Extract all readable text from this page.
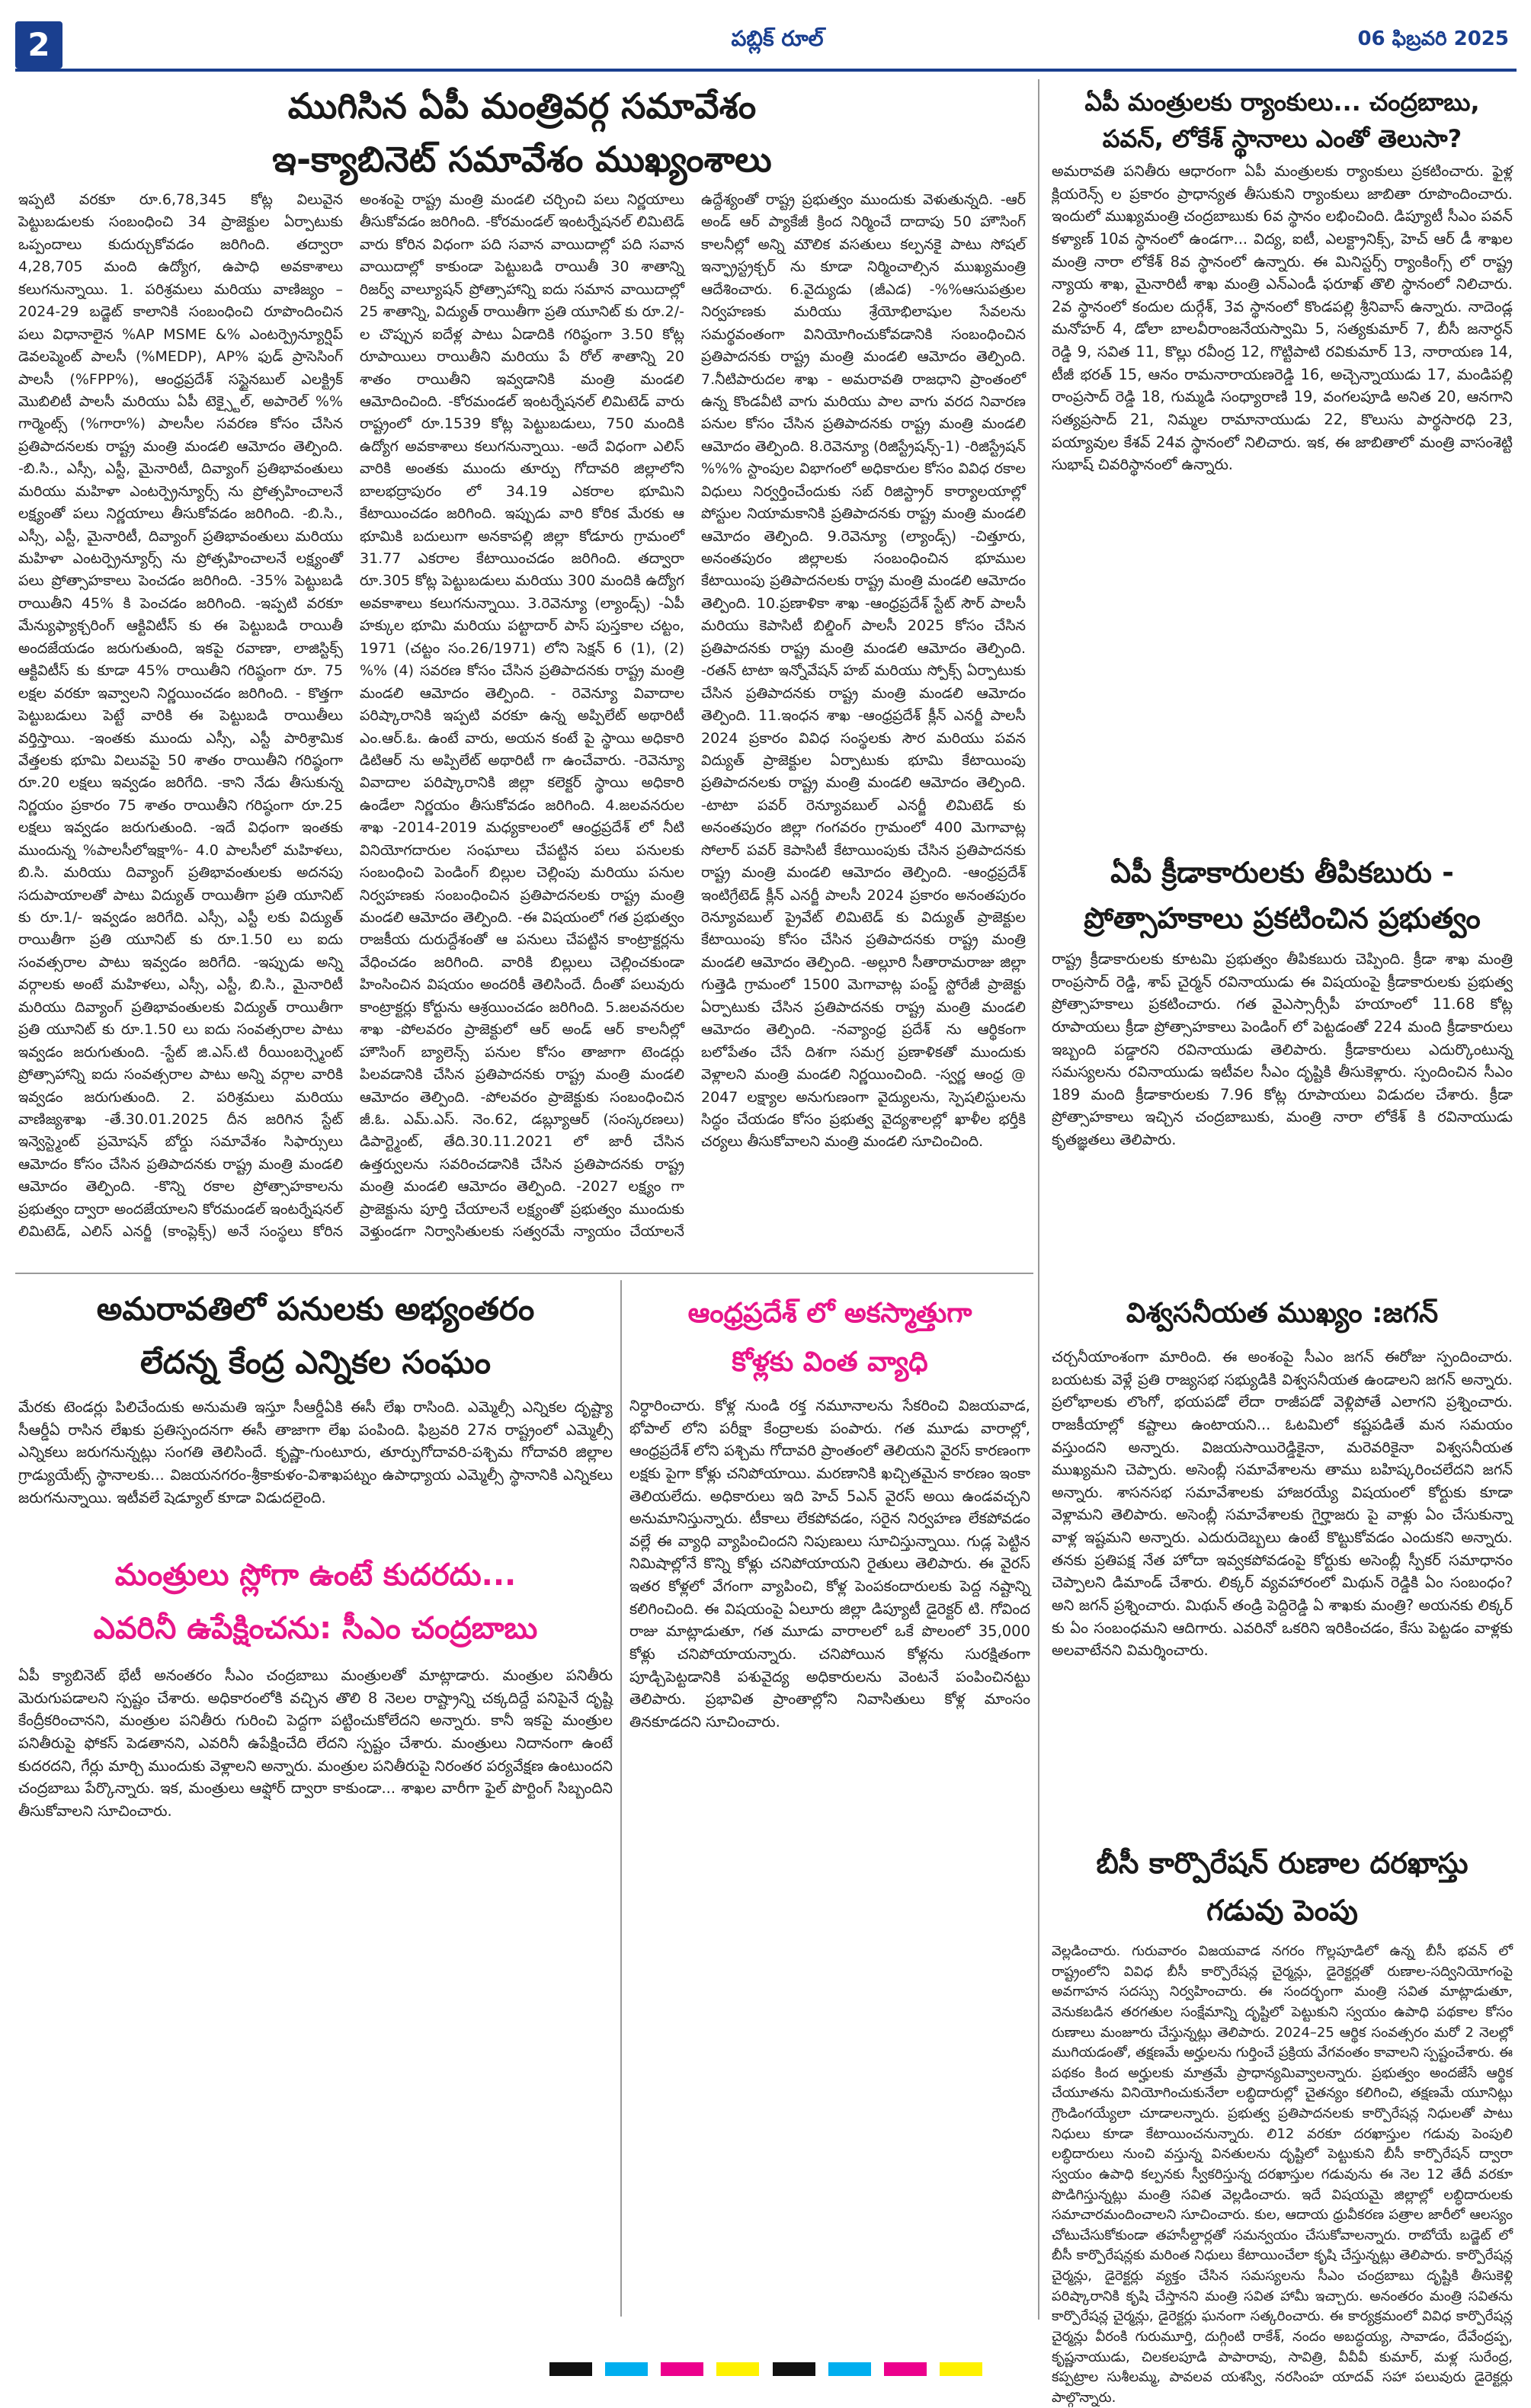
2	పబ్లిక్ రూల్	06 ఫిబ్రవరి 2025
ముగిసిన ఏపీ మంత్రివర్గ సమావేశం
ఇ-క్యాబినెట్ సమావేశం ముఖ్యంశాలు
ఇప్పటి వరకూ రూ.6,78,345 కోట్ల విలువైన పెట్టుబడులకు సంబంధించి 34 ప్రాజెక్టుల ఏర్పాటుకు ఒప్పందాలు కుదుర్చుకోవడం జరిగింది. తద్వారా 4,28,705 మంది ఉద్యోగ, ఉపాధి అవకాశాలు కలుగనున్నాయి. 1. పరిశ్రమలు మరియు వాణిజ్యం –2024-29 బడ్జెట్ కాలానికి సంబంధించి రూపొందించిన పలు విధానాలైన %AP MSME &% ఎంటర్ప్రెన్యూర్షిప్ డెవలప్మెంట్ పాలసీ (%MEDP), AP% ఫుడ్ ప్రాసెసింగ్ పాలసీ (%FPP%), ఆంధ్రప్రదేశ్ సస్టైనబుల్ ఎలక్ట్రిక్ మొబిలిటీ పాలసీ మరియు ఏపీ టెక్స్టైల్, అపారెల్ %% గార్మెంట్స్ (%గారా%) పాలసీల సవరణ కోసం చేసిన ప్రతిపాదనలకు రాష్ట్ర మంత్రి మండలి ఆమోదం తెల్పింది. -బి.సి., ఎస్సీ, ఎస్టీ, మైనారిటీ, దివ్యాంగ్ ప్రతిభావంతులు మరియు మహిళా ఎంటర్ప్రెన్యూర్స్ ను ప్రోత్సహించాలనే లక్ష్యంతో పలు నిర్ణయాలు తీసుకోవడం జరిగింది. -బి.సి., ఎస్సీ, ఎస్టీ, మైనారిటీ, దివ్యాంగ్ ప్రతిభావంతులు మరియు మహిళా ఎంటర్ప్రెన్యూర్స్ ను ప్రోత్సహించాలనే లక్ష్యంతో పలు ప్రోత్సాహకాలు పెంచడం జరిగింది. -35% పెట్టుబడి రాయితీని 45% కి పెంచడం జరిగింది. -ఇప్పటి వరకూ మేన్యుఫ్యాక్చరింగ్ ఆక్టివిటీస్ కు ఈ పెట్టుబడి రాయితీ అందజేయడం జరుగుతుంది, ఇకపై రవాణా, లాజిస్టిక్స్ ఆక్టివిటీస్ కు కూడా 45% రాయితీని గరిష్ఠంగా రూ. 75 లక్షల వరకూ ఇవ్వాలని నిర్ణయించడం జరిగింది. - కొత్తగా పెట్టుబడులు పెట్టే వారికి ఈ పెట్టుబడి రాయితీలు వర్తిస్తాయి. -ఇంతకు ముందు ఎస్సీ, ఎస్టీ పారిశ్రామిక వేత్తలకు భూమి విలువపై 50 శాతం రాయితీని గరిష్ఠంగా రూ.20 లక్షలు ఇవ్వడం జరిగేది. -కాని నేడు తీసుకున్న నిర్ణయం ప్రకారం 75 శాతం రాయితీని గరిష్ఠంగా రూ.25 లక్షలు ఇవ్వడం జరుగుతుంది. -ఇదే విధంగా ఇంతకు ముందున్న %పాలసీలోఇక్షా%- 4.0 పాలసీలో మహిళలు, బి.సి. మరియు దివ్యాంగ్ ప్రతిభావంతులకు అదనపు సదుపాయాలతో పాటు విద్యుత్ రాయితీగా ప్రతి యూనిట్ కు రూ.1/- ఇవ్వడం జరిగేది. ఎస్సీ, ఎస్టీ లకు విద్యుత్ రాయితీగా ప్రతి యూనిట్ కు రూ.1.50 లు ఐదు సంవత్సరాల పాటు ఇవ్వడం జరిగేది. -ఇప్పుడు అన్ని వర్గాలకు అంటే మహిళలు, ఎస్సీ, ఎస్టీ, బి.సి., మైనారిటీ మరియు దివ్యాంగ్ ప్రతిభావంతులకు విద్యుత్ రాయితీగా ప్రతి యూనిట్ కు రూ.1.50 లు ఐదు సంవత్సరాల పాటు ఇవ్వడం జరుగుతుంది. -స్టేట్ జి.ఎస్.టి రీయింబర్స్మెంట్ ప్రోత్సాహాన్ని ఐదు సంవత్సరాల పాటు అన్ని వర్గాల వారికి ఇవ్వడం జరుగుతుంది. 2. పరిశ్రమలు మరియు వాణిజ్యశాఖ -తే.30.01.2025 దీన జరిగిన స్టేట్ ఇన్వెస్ట్మెంట్ ప్రమోషన్ బోర్డు సమావేశం సిఫార్సులు ఆమోదం కోసం చేసిన ప్రతిపాదనకు రాష్ట్ర మంత్రి మండలి ఆమోదం తెల్పింది. -కొన్ని రకాల ప్రోత్సాహకాలను ప్రభుత్వం ద్వారా అందజేయాలని కోరమండల్ ఇంటర్నేషనల్ లిమిటెడ్, ఎలిస్ ఎనర్జీ (కాంప్లెక్స్) అనే సంస్థలు కోరిన అంశంపై రాష్ట్ర మంత్రి మండలి చర్చించి పలు నిర్ణయాలు తీసుకోవడం జరిగింది. -కోరమండల్ ఇంటర్నేషనల్ లిమిటెడ్ వారు కోరిన విధంగా పది సవాన వాయిదాల్లో పది సవాన వాయిదాల్లో కాకుండా పెట్టుబడి రాయితీ 30 శాతాన్ని రిజర్వ్ వాల్యూషన్ ప్రోత్సాహాన్ని ఐదు సమాన వాయిదాల్లో 25 శాతాన్ని, విద్యుత్ రాయితీగా ప్రతి యూనిట్ కు రూ.2/- ల చొప్పున ఐదేళ్ల పాటు ఏడాదికి గరిష్ఠంగా 3.50 కోట్ల రూపాయిలు రాయితీని మరియు పే రోల్ శాతాన్ని 20 శాతం రాయితీని ఇవ్వడానికి మంత్రి మండలి ఆమోదించింది. -కోరమండల్ ఇంటర్నేషనల్ లిమిటెడ్ వారు రాష్ట్రంలో రూ.1539 కోట్ల పెట్టుబడులు, 750 మందికి ఉద్యోగ అవకాశాలు కలుగనున్నాయి. -అదే విధంగా ఎలిస్ వారికి అంతకు ముందు తూర్పు గోదావరి జిల్లాలోని బాలభద్రాపురం లో 34.19 ఎకరాల భూమిని కేటాయించడం జరిగింది. ఇప్పుడు వారి కోరిక మేరకు ఆ భూమికి బదులుగా అనకాపల్లి జిల్లా కోడూరు గ్రామంలో 31.77 ఎకరాల కేటాయించడం జరిగింది. తద్వారా రూ.305 కోట్ల పెట్టుబడులు మరియు 300 మందికి ఉద్యోగ అవకాశాలు కలుగనున్నాయి. 3.రెవెన్యూ (ల్యాండ్స్) -ఏపీ హక్కుల భూమి మరియు పట్టాదార్ పాస్ పుస్తకాల చట్టం, 1971 (చట్టం సం.26/1971) లోని సెక్షన్ 6 (1), (2) %% (4) సవరణ కోసం చేసిన ప్రతిపాదనకు రాష్ట్ర మంత్రి మండలి ఆమోదం తెల్పింది. - రెవెన్యూ వివాదాల పరిష్కారానికి ఇప్పటి వరకూ ఉన్న అప్పిలేట్ అథారిటీ ఎం.ఆర్.ఓ. ఉంటే వారు, అయన కంటే పై స్థాయి అధికారి డిటిఆర్ ను అప్పిలేట్ అథారిటీ గా ఉంచేవారు. -రెవెన్యూ వివాదాల పరిష్కారానికి జిల్లా కలెక్టర్ స్థాయి అధికారి ఉండేలా నిర్ణయం తీసుకోవడం జరిగింది. 4.జలవనరుల శాఖ -2014-2019 మధ్యకాలంలో ఆంధ్రప్రదేశ్ లో నీటి వినియోగదారుల సంఘాలు చేపట్టిన పలు పనులకు సంబంధించి పెండింగ్ బిల్లుల చెల్లింపు మరియు పనుల నిర్వహణకు సంబంధించిన ప్రతిపాదనలకు రాష్ట్ర మంత్రి మండలి ఆమోదం తెల్పింది. -ఈ విషయంలో గత ప్రభుత్వం రాజకీయ దురుద్దేశంతో ఆ పనులు చేపట్టిన కాంట్రాక్టర్లను వేధించడం జరిగింది. వారికి బిల్లులు చెల్లించకుండా హింసించిన విషయం అందరికీ తెలిసిందే. దీంతో పలువురు కాంట్రాక్టర్లు కోర్టును ఆశ్రయించడం జరిగింది. 5.జలవనరుల శాఖ -పోలవరం ప్రాజెక్టులో ఆర్ అండ్ ఆర్ కాలనీల్లో హౌసింగ్ బ్యాలెన్స్ పనుల కోసం తాజాగా టెండర్లు పిలవడానికి చేసిన ప్రతిపాదనకు రాష్ట్ర మంత్రి మండలి ఆమోదం తెల్పింది. -పోలవరం ప్రాజెక్టుకు సంబంధించిన జీ.ఓ. ఎమ్.ఎస్. నెం.62, డబ్ల్యూఆర్ (సంస్కరణలు) డిపార్ట్మెంట్, తేది.30.11.2021 లో జారీ చేసిన ఉత్తర్వులను సవరించడానికి చేసిన ప్రతిపాదనకు రాష్ట్ర మంత్రి మండలి ఆమోదం తెల్పింది. -2027 లక్ష్యం గా ప్రాజెక్టును పూర్తి చేయాలనే లక్ష్యంతో ప్రభుత్వం ముందుకు వెళ్తుండగా నిర్వాసితులకు సత్వరమే న్యాయం చేయాలనే ఉద్దేశ్యంతో రాష్ట్ర ప్రభుత్వం ముందుకు వెళుతున్నది. -ఆర్ అండ్ ఆర్ ప్యాకేజీ క్రింద నిర్మించే దాదాపు 50 హౌసింగ్ కాలనీల్లో అన్ని మౌలిక వసతులు కల్పనకై పాటు సోషల్ ఇన్ఫ్రాస్ట్రక్చర్ ను కూడా నిర్మించాల్సిన ముఖ్యమంత్రి ఆదేశించారు. 6.వైద్యుడు (జీఎడ) -%%ఆసుపత్రుల నిర్వహణకు మరియు శ్రేయోభిలాషుల సేవలను సమర్థవంతంగా వినియోగించుకోవడానికి సంబంధించిన ప్రతిపాదనకు రాష్ట్ర మంత్రి మండలి ఆమోదం తెల్పింది. 7.నీటిపారుదల శాఖ - అమరావతి రాజధాని ప్రాంతంలో ఉన్న కొండవీటి వాగు మరియు పాల వాగు వరద నివారణ పనుల కోసం చేసిన ప్రతిపాదనకు రాష్ట్ర మంత్రి మండలి ఆమోదం తెల్పింది. 8.రెవెన్యూ (రిజిస్ట్రేషన్స్-1) -రిజిస్ట్రేషన్ %%% స్టాంపుల విభాగంలో అధికారుల కోసం వివిధ రకాల విధులు నిర్వర్తించేందుకు సబ్ రిజిస్ట్రార్ కార్యాలయాల్లో పోస్టుల నియామకానికి ప్రతిపాదనకు రాష్ట్ర మంత్రి మండలి ఆమోదం తెల్పింది. 9.రెవెన్యూ (ల్యాండ్స్) -చిత్తూరు, అనంతపురం జిల్లాలకు సంబంధించిన భూముల కేటాయింపు ప్రతిపాదనలకు రాష్ట్ర మంత్రి మండలి ఆమోదం తెల్పింది. 10.ప్రణాళికా శాఖ -ఆంధ్రప్రదేశ్ స్టేట్ సౌర్ పాలసీ మరియు కెపాసిటీ బిల్డింగ్ పాలసీ 2025 కోసం చేసిన ప్రతిపాదనకు రాష్ట్ర మంత్రి మండలి ఆమోదం తెల్పింది. -రతన్ టాటా ఇన్నోవేషన్ హబ్ మరియు స్పోక్స్ ఏర్పాటుకు చేసిన ప్రతిపాదనకు రాష్ట్ర మంత్రి మండలి ఆమోదం తెల్పింది. 11.ఇంధన శాఖ -ఆంధ్రప్రదేశ్ క్లీన్ ఎనర్జీ పాలసీ 2024 ప్రకారం వివిధ సంస్థలకు సౌర మరియు పవన విద్యుత్ ప్రాజెక్టుల ఏర్పాటుకు భూమి కేటాయింపు ప్రతిపాదనలకు రాష్ట్ర మంత్రి మండలి ఆమోదం తెల్పింది. -టాటా పవర్ రెన్యూవబుల్ ఎనర్జీ లిమిటెడ్ కు అనంతపురం జిల్లా గంగవరం గ్రామంలో 400 మెగావాట్ల సోలార్ పవర్ కెపాసిటీ కేటాయింపుకు చేసిన ప్రతిపాదనకు రాష్ట్ర మంత్రి మండలి ఆమోదం తెల్పింది. -ఆంధ్రప్రదేశ్ ఇంటిగ్రేటెడ్ క్లీన్ ఎనర్జీ పాలసీ 2024 ప్రకారం అనంతపురం రెన్యూవబుల్ ప్రైవేట్ లిమిటెడ్ కు విద్యుత్ ప్రాజెక్టుల కేటాయింపు కోసం చేసిన ప్రతిపాదనకు రాష్ట్ర మంత్రి మండలి ఆమోదం తెల్పింది. -అల్లూరి సీతారామరాజు జిల్లా గుత్తెడి గ్రామంలో 1500 మెగావాట్ల పంప్డ్ స్టోరేజీ ప్రాజెక్టు ఏర్పాటుకు చేసిన ప్రతిపాదనకు రాష్ట్ర మంత్రి మండలి ఆమోదం తెల్పింది. -నవ్యాంధ్ర ప్రదేశ్ ను ఆర్థికంగా బలోపేతం చేసే దిశగా సమగ్ర ప్రణాళికతో ముందుకు వెళ్లాలని మంత్రి మండలి నిర్ణయించింది. -స్వర్ణ ఆంధ్ర @ 2047 లక్ష్యాల అనుగుణంగా వైద్యులను, స్పెషలిస్టులను సిద్ధం చేయడం కోసం ప్రభుత్వ వైద్యశాలల్లో ఖాళీల భర్తీకి చర్యలు తీసుకోవాలని మంత్రి మండలి సూచించింది.
ఏపీ మంత్రులకు ర్యాంకులు... చంద్రబాబు, పవన్, లోకేశ్ స్థానాలు ఎంతో తెలుసా?
అమరావతి పనితీరు ఆధారంగా ఏపీ మంత్రులకు ర్యాంకులు ప్రకటించారు. ఫైళ్ల క్లియరెన్స్ ల ప్రకారం ప్రాధాన్యత తీసుకుని ర్యాంకులు జాబితా రూపొందించారు. ఇందులో ముఖ్యమంత్రి చంద్రబాబుకు 6వ స్థానం లభించింది. డిప్యూటీ సీఎం పవన్ కళ్యాణ్ 10వ స్థానంలో ఉండగా... విద్య, ఐటీ, ఎలక్ట్రానిక్స్, హెచ్ ఆర్ డీ శాఖల మంత్రి నారా లోకేశ్ 8వ స్థానంలో ఉన్నారు. ఈ మినిస్టర్స్ ర్యాంకింగ్స్ లో రాష్ట్ర న్యాయ శాఖ, మైనారిటీ శాఖ మంత్రి ఎన్ఎండీ ఫరూఖ్ తొలి స్థానంలో నిలిచారు. 2వ స్థానంలో కందుల దుర్గేశ్, 3వ స్థానంలో కొండపల్లి శ్రీనివాస్ ఉన్నారు. నాదెండ్ల మనోహర్ 4, డోలా బాలవీరాంజనేయస్వామి 5, సత్యకుమార్ 7, బీసీ జనార్ధన్ రెడ్డి 9, సవిత 11, కొల్లు రవీంద్ర 12, గొట్టిపాటి రవికుమార్ 13, నారాయణ 14, టీజీ భరత్ 15, ఆనం రామనారాయణరెడ్డి 16, అచ్చెన్నాయుడు 17, మండిపల్లి రాంప్రసాద్ రెడ్డి 18, గుమ్మడి సంధ్యారాణి 19, వంగలపూడి అనిత 20, ఆనగాని సత్యప్రసాద్ 21, నిమ్మల రామానాయుడు 22, కొలుసు పార్థసారధి 23, పయ్యావుల కేశవ్ 24వ స్థానంలో నిలిచారు. ఇక, ఈ జాబితాలో మంత్రి వాసంశెట్టి సుభాష్ చివరిస్థానంలో ఉన్నారు.
ఏపీ క్రీడాకారులకు తీపికబురు -
ప్రోత్సాహకాలు ప్రకటించిన ప్రభుత్వం
రాష్ట్ర క్రీడాకారులకు కూటమి ప్రభుత్వం తీపికబురు చెప్పింది. క్రీడా శాఖ మంత్రి రాంప్రసాద్ రెడ్డి, శాప్ చైర్మన్ రవినాయుడు ఈ విషయంపై క్రీడాకారులకు ప్రభుత్వ ప్రోత్సాహకాలు ప్రకటించారు. గత వైఎస్సార్సీపీ హయాంలో 11.68 కోట్ల రూపాయలు క్రీడా ప్రోత్సాహకాలు పెండింగ్ లో పెట్టడంతో 224 మంది క్రీడాకారులు ఇబ్బంది పడ్డారని రవినాయుడు తెలిపారు. క్రీడాకారులు ఎదుర్కొంటున్న సమస్యలను రవినాయుడు ఇటీవల సీఎం దృష్టికి తీసుకెళ్లారు. స్పందించిన సీఎం 189 మంది క్రీడాకారులకు 7.96 కోట్ల రూపాయలు విడుదల చేశారు. క్రీడా ప్రోత్సాహకాలు ఇచ్చిన చంద్రబాబుకు, మంత్రి నారా లోకేశ్ కి రవినాయుడు కృతజ్ఞతలు తెలిపారు.
విశ్వసనీయత ముఖ్యం :జగన్
చర్చనీయాంశంగా మారింది. ఈ అంశంపై సీఎం జగన్ ఈరోజు స్పందించారు. బయటకు వెళ్లే ప్రతి రాజ్యసభ సభ్యుడికి విశ్వసనీయత ఉండాలని జగన్ అన్నారు. ప్రలోభాలకు లొంగో, భయపడో లేదా రాజీపడో వెళ్లిపోతే ఎలాగని ప్రశ్నించారు. రాజకీయాల్లో కష్టాలు ఉంటాయని... ఓటమిలో కష్టపడితే మన సమయం వస్తుందని అన్నారు. విజయసాయిరెడ్డికైనా, మరెవరికైనా విశ్వసనీయత ముఖ్యమని చెప్పారు. అసెంబ్లీ సమావేశాలను తాము బహిష్కరించలేదని జగన్ అన్నారు. శాసనసభ సమావేశాలకు హాజరయ్యే విషయంలో కోర్టుకు కూడా వెళ్లామని తెలిపారు. అసెంబ్లీ సమావేశాలకు గైర్హాజరు పై వాళ్లు ఏం చేసుకున్నా వాళ్ల ఇష్టమని అన్నారు. ఎదురుదెబ్బలు ఉంటే కొట్టుకోవడం ఎందుకని అన్నారు. తనకు ప్రతిపక్ష నేత హోదా ఇవ్వకపోవడంపై కోర్టుకు అసెంబ్లీ స్పీకర్ సమాధానం చెప్పాలని డిమాండ్ చేశారు. లిక్కర్ వ్యవహారంలో మిథున్ రెడ్డికి ఏం సంబంధం? అని జగన్ ప్రశ్నించారు. మిథున్ తండ్రి పెద్దిరెడ్డి ఏ శాఖకు మంత్రి? అయనకు లిక్కర్ కు ఏం సంబంధమని ఆదిగారు. ఎవరినో ఒకరిని ఇరికించడం, కేసు పెట్టడం వాళ్లకు అలవాటేనని విమర్శించారు.
బీసీ కార్పొరేషన్ రుణాల దరఖాస్తు
గడువు పెంపు
వెల్లడించారు. గురువారం విజయవాడ నగరం గొల్లపూడిలో ఉన్న బీసీ భవన్ లో రాష్ట్రంలోని వివిధ బీసీ కార్పొరేషన్ల చైర్మన్లు, డైరెక్టర్లతో రుణాల-సద్వినియోగంపై అవగాహన సదస్సు నిర్వహించారు. ఈ సందర్భంగా మంత్రి సవిత మాట్లాడుతూ, వెనుకబడిన తరగతుల సంక్షేమాన్ని దృష్టిలో పెట్టుకుని స్వయం ఉపాధి పథకాల కోసం రుణాలు మంజూరు చేస్తున్నట్లు తెలిపారు. 2024–25 ఆర్థిక సంవత్సరం మరో 2 నెలల్లో ముగియడంతో, తక్షణమే అర్హులను గుర్తించే ప్రక్రియ వేగవంతం కావాలని స్పష్టంచేశారు. ఈ పథకం కింద అర్హులకు మాత్రమే ప్రాధాన్యమివ్వాలన్నారు. ప్రభుత్వం అందజేసే ఆర్థిక చేయూతను వినియోగించుకునేలా లబ్ధిదారుల్లో చైతన్యం కలిగించి, తక్షణమే యూనిట్లు గ్రౌండింగయ్యేలా చూడాలన్నారు. ప్రభుత్వ ప్రతిపాదనలకు కార్పొరేషన్ల నిధులతో పాటు నిధులు కూడా కేటాయించనున్నారు. లి12 వరకూ దరఖాస్తుల గడువు పెంపులి లబ్ధిదారులు నుంచి వస్తున్న వినతులను దృష్టిలో పెట్టుకుని బీసీ కార్పొరేషన్ ద్వారా స్వయం ఉపాధి కల్పనకు స్వీకరిస్తున్న దరఖాస్తుల గడువును ఈ నెల 12 తేదీ వరకూ పొడిగిస్తున్నట్లు మంత్రి సవిత వెల్లడించారు. ఇదే విషయమై జిల్లాల్లో లబ్ధిదారులకు సమాచారమందించాలని సూచించారు. కుల, ఆదాయ ధ్రువీకరణ పత్రాల జారీలో ఆలస్యం చోటుచేసుకోకుండా తహసీల్దార్లతో సమన్వయం చేసుకోవాలన్నారు. రాబోయే బడ్జెట్ లో బీసీ కార్పొరేషన్లకు మరింత నిధులు కేటాయించేలా కృషి చేస్తున్నట్లు తెలిపారు. కార్పొరేషన్ల చైర్మన్లు, డైరెక్టర్లు వ్యక్తం చేసిన సమస్యలను సీఎం చంద్రబాబు దృష్టికి తీసుకెళ్లి పరిష్కారానికి కృషి చేస్తానని మంత్రి సవిత హామీ ఇచ్చారు. అనంతరం మంత్రి సవితను కార్పొరేషన్ల చైర్మన్లు, డైరెక్టర్లు ఘనంగా సత్కరించారు. ఈ కార్యక్రమంలో వివిధ కార్పొరేషన్ల చైర్మన్లు వీరంకి గురుమూర్తి, దుగ్గింటి రాకేశ్, నందం అబద్ధయ్య, సావాడం, దేవేంద్రప్ప, కృష్ణనాయుడు, చిలకలపూడి పాపారావు, సావిత్రి, వీవీవీ కుమార్, మళ్ల సురేంద్ర, కప్పట్రాల సుశీలమ్మ, పావలవ యశస్వి, నరసింహ యాదవ్ సహా పలువురు డైరెక్టర్లు పాల్గొన్నారు.
అమరావతిలో పనులకు అభ్యంతరం
లేదన్న కేంద్ర ఎన్నికల సంఘం
మేరకు టెండర్లు పిలిచేందుకు అనుమతి ఇస్తూ సీఆర్డీఏకి ఈసీ లేఖ రాసింది. ఎమ్మెల్సీ ఎన్నికల దృష్ట్యా సీఆర్డీఏ రాసిన లేఖకు ప్రతిస్పందనగా ఈసీ తాజాగా లేఖ పంపింది. ఫిబ్రవరి 27న రాష్ట్రంలో ఎమ్మెల్సీ ఎన్నికలు జరుగనున్నట్లు సంగతి తెలిసిందే. కృష్ణా-గుంటూరు, తూర్పుగోదావరి-పశ్చిమ గోదావరి జిల్లాల గ్రాడ్యుయేట్స్ స్థానాలకు... విజయనగరం-శ్రీకాకుళం-విశాఖపట్నం ఉపాధ్యాయ ఎమ్మెల్సీ స్థానానికి ఎన్నికలు జరుగనున్నాయి. ఇటీవలే షెడ్యూల్ కూడా విడుదలైంది.
మంత్రులు స్లోగా ఉంటే కుదరదు...
ఎవరినీ ఉపేక్షించను: సీఎం చంద్రబాబు
ఏపీ క్యాబినెట్ భేటీ అనంతరం సీఎం చంద్రబాబు మంత్రులతో మాట్లాడారు. మంత్రుల పనితీరు మెరుగుపడాలని స్పష్టం చేశారు. అధికారంలోకి వచ్చిన తొలి 8 నెలల రాష్ట్రాన్ని చక్కదిద్దే పనిపైనే దృష్టి కేంద్రీకరించానని, మంత్రుల పనితీరు గురించి పెద్దగా పట్టించుకోలేదని అన్నారు. కానీ ఇకపై మంత్రుల పనితీరుపై ఫోకస్ పెడతానని, ఎవరినీ ఉపేక్షించేది లేదని స్పష్టం చేశారు. మంత్రులు నిదానంగా ఉంటే కుదరదని, గేర్లు మార్చి ముందుకు వెళ్లాలని అన్నారు. మంత్రుల పనితీరుపై నిరంతర పర్యవేక్షణ ఉంటుందని చంద్రబాబు పేర్కొన్నారు. ఇక, మంత్రులు ఆఫ్షోర్ ద్వారా కాకుండా... శాఖల వారీగా ఫైల్ పొర్టింగ్ సిబ్బందిని తీసుకోవాలని సూచించారు.
ఆంధ్రప్రదేశ్ లో అకస్మాత్తుగా
కోళ్లకు వింత వ్యాధి
నిర్ధారించారు. కోళ్ల నుండి రక్త నమూనాలను సేకరించి విజయవాడ, భోపాల్ లోని పరీక్షా కేంద్రాలకు పంపారు. గత మూడు వారాల్లో, ఆంధ్రప్రదేశ్ లోని పశ్చిమ గోదావరి ప్రాంతంలో తెలియని వైరస్ కారణంగా లక్షకు పైగా కోళ్లు చనిపోయాయి. మరణానికి ఖచ్చితమైన కారణం ఇంకా తెలియలేదు. అధికారులు ఇది హెచ్ 5ఎన్ వైరస్ అయి ఉండవచ్చని అనుమానిస్తున్నారు. టీకాలు లేకపోవడం, సరైన నిర్వహణ లేకపోవడం వల్లే ఈ వ్యాధి వ్యాపించిందని నిపుణులు సూచిస్తున్నాయి. గుడ్ల పెట్టిన నిమిషాల్లోనే కొన్ని కోళ్లు చనిపోయాయని రైతులు తెలిపారు. ఈ వైరస్ ఇతర కోళ్లలో వేగంగా వ్యాపించి, కోళ్ల పెంపకందారులకు పెద్ద నష్టాన్ని కలిగించింది. ఈ విషయంపై ఏలూరు జిల్లా డిప్యూటీ డైరెక్టర్ టి. గోవింద రాజు మాట్లాడుతూ, గత మూడు వారాలలో ఒకే పొలంలో 35,000 కోళ్లు చనిపోయాయన్నారు. చనిపోయిన కోళ్లను సురక్షితంగా పూడ్చిపెట్టడానికి పశువైద్య అధికారులను వెంటనే పంపించినట్టు తెలిపారు. ప్రభావిత ప్రాంతాల్లోని నివాసితులు కోళ్ల మాంసం తినకూడదని సూచించారు.
